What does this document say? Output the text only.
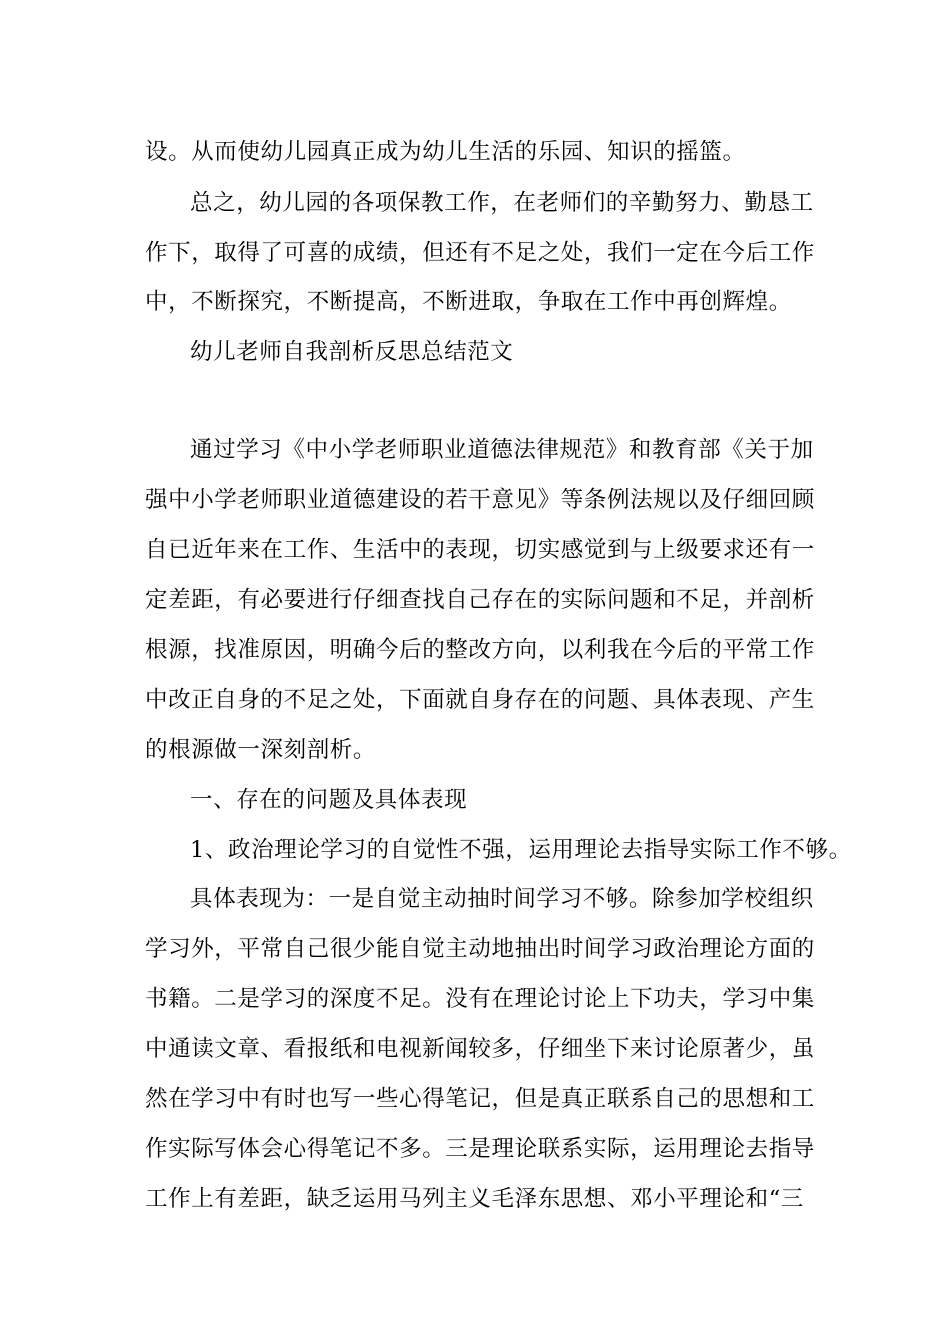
设。从而使幼儿园真正成为幼儿生活的乐园、知识的摇篮。
总之，幼儿园的各项保教工作，在老师们的辛勤努力、勤恳工
作下，取得了可喜的成绩，但还有不足之处，我们一定在今后工作
中，不断探究，不断提高，不断进取，争取在工作中再创辉煌。
幼儿老师自我剖析反思总结范文
通过学习《中小学老师职业道德法律规范》和教育部《关于加
强中小学老师职业道德建设的若干意见》等条例法规以及仔细回顾
自已近年来在工作、生活中的表现，切实感觉到与上级要求还有一
定差距，有必要进行仔细查找自己存在的实际问题和不足，并剖析
根源，找准原因，明确今后的整改方向，以利我在今后的平常工作
中改正自身的不足之处，下面就自身存在的问题、具体表现、产生
的根源做一深刻剖析。
一、存在的问题及具体表现
1、政治理论学习的自觉性不强，运用理论去指导实际工作不够。
具体表现为：一是自觉主动抽时间学习不够。除参加学校组织
学习外，平常自己很少能自觉主动地抽出时间学习政治理论方面的
书籍。二是学习的深度不足。没有在理论讨论上下功夫，学习中集
中通读文章、看报纸和电视新闻较多，仔细坐下来讨论原著少，虽
然在学习中有时也写一些心得笔记，但是真正联系自己的思想和工
作实际写体会心得笔记不多。三是理论联系实际，运用理论去指导
工作上有差距，缺乏运用马列主义毛泽东思想、邓小平理论和“三
